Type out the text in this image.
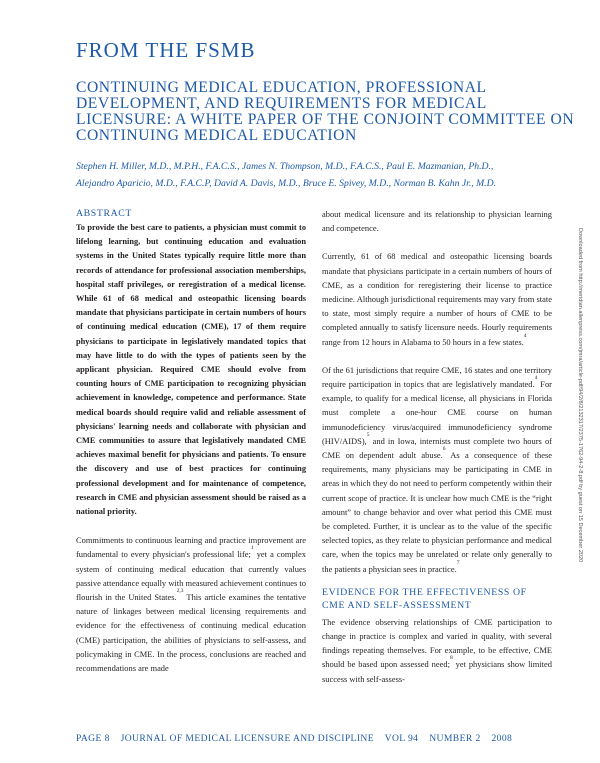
FROM THE FSMB
CONTINUING MEDICAL EDUCATION, PROFESSIONAL DEVELOPMENT, AND REQUIREMENTS FOR MEDICAL LICENSURE: A WHITE PAPER OF THE CONJOINT COMMITTEE ON CONTINUING MEDICAL EDUCATION
Stephen H. Miller, M.D., M.P.H., F.A.C.S., James N. Thompson, M.D., F.A.C.S., Paul E. Mazmanian, Ph.D.,
Alejandro Aparicio, M.D., F.A.C.P, David A. Davis, M.D., Bruce E. Spivey, M.D., Norman B. Kahn Jr., M.D.
ABSTRACT

To provide the best care to patients, a physician must commit to lifelong learning, but continuing education and evaluation systems in the United States typically require little more than records of attendance for professional association memberships, hospital staff privileges, or reregistration of a medical license. While 61 of 68 medical and osteopathic licensing boards mandate that physicians participate in certain numbers of hours of continuing medical education (CME), 17 of them require physicians to participate in legislatively mandated topics that may have little to do with the types of patients seen by the applicant physician. Required CME should evolve from counting hours of CME participation to recognizing physician achievement in knowledge, competence and performance. State medical boards should require valid and reliable assessment of physicians' learning needs and collaborate with physician and CME communities to assure that legislatively mandated CME achieves maximal benefit for physicians and patients. To ensure the discovery and use of best practices for continuing professional development and for maintenance of competence, research in CME and physician assessment should be raised as a national priority.

Commitments to continuous learning and practice improvement are fundamental to every physician's professional life;$^1$ yet a complex system of continuing medical education that currently values passive attendance equally with measured achievement continues to flourish in the United States.$^{2,3}$ This article examines the tentative nature of linkages between medical licensing requirements and evidence for the effectiveness of continuing medical education (CME) participation, the abilities of physicians to self-assess, and policymaking in CME. In the process, conclusions are reached and recommendations are made

about medical licensure and its relationship to physician learning and competence.

Currently, 61 of 68 medical and osteopathic licensing boards mandate that physicians participate in a certain numbers of hours of CME, as a condition for reregistering their license to practice medicine. Although jurisdictional requirements may vary from state to state, most simply require a number of hours of CME to be completed annually to satisfy licensure needs. Hourly requirements range from 12 hours in Alabama to 50 hours in a few states.$^4$

Of the 61 jurisdictions that require CME, 16 states and one territory require participation in topics that are legislatively mandated.$^4$ For example, to qualify for a medical license, all physicians in Florida must complete a one-hour CME course on human immunodeficiency virus/acquired immunodeficiency syndrome (HIV/AIDS),$^5$ and in Iowa, internists must complete two hours of CME on dependent adult abuse.$^6$ As a consequence of these requirements, many physicians may be participating in CME in areas in which they do not need to perform competently within their current scope of practice. It is unclear how much CME is the “right amount” to change behavior and over what period this CME must be completed. Further, it is unclear as to the value of the specific selected topics, as they relate to physician performance and medical care, when the topics may be unrelated or relate only generally to the patients a physician sees in practice.$^7$

EVIDENCE FOR THE EFFECTIVENESS OF CME AND SELF-ASSESSMENT

The evidence observing relationships of CME participation to change in practice is complex and varied in quality, with several findings repeating themselves. For example, to be effective, CME should be based upon assessed need;$^8$ yet physicians show limited success with self-assess-

PAGE 8 JOURNAL OF MEDICAL LICENSURE AND DISCIPLINE VOL 94 NUMBER 2 2008
Downloaded from http://meridian.allenpress.com/jmra/article-pdf/94/2/8/2132317/2375-1762-94-2-8.pdf by guest on 15 December 2020
